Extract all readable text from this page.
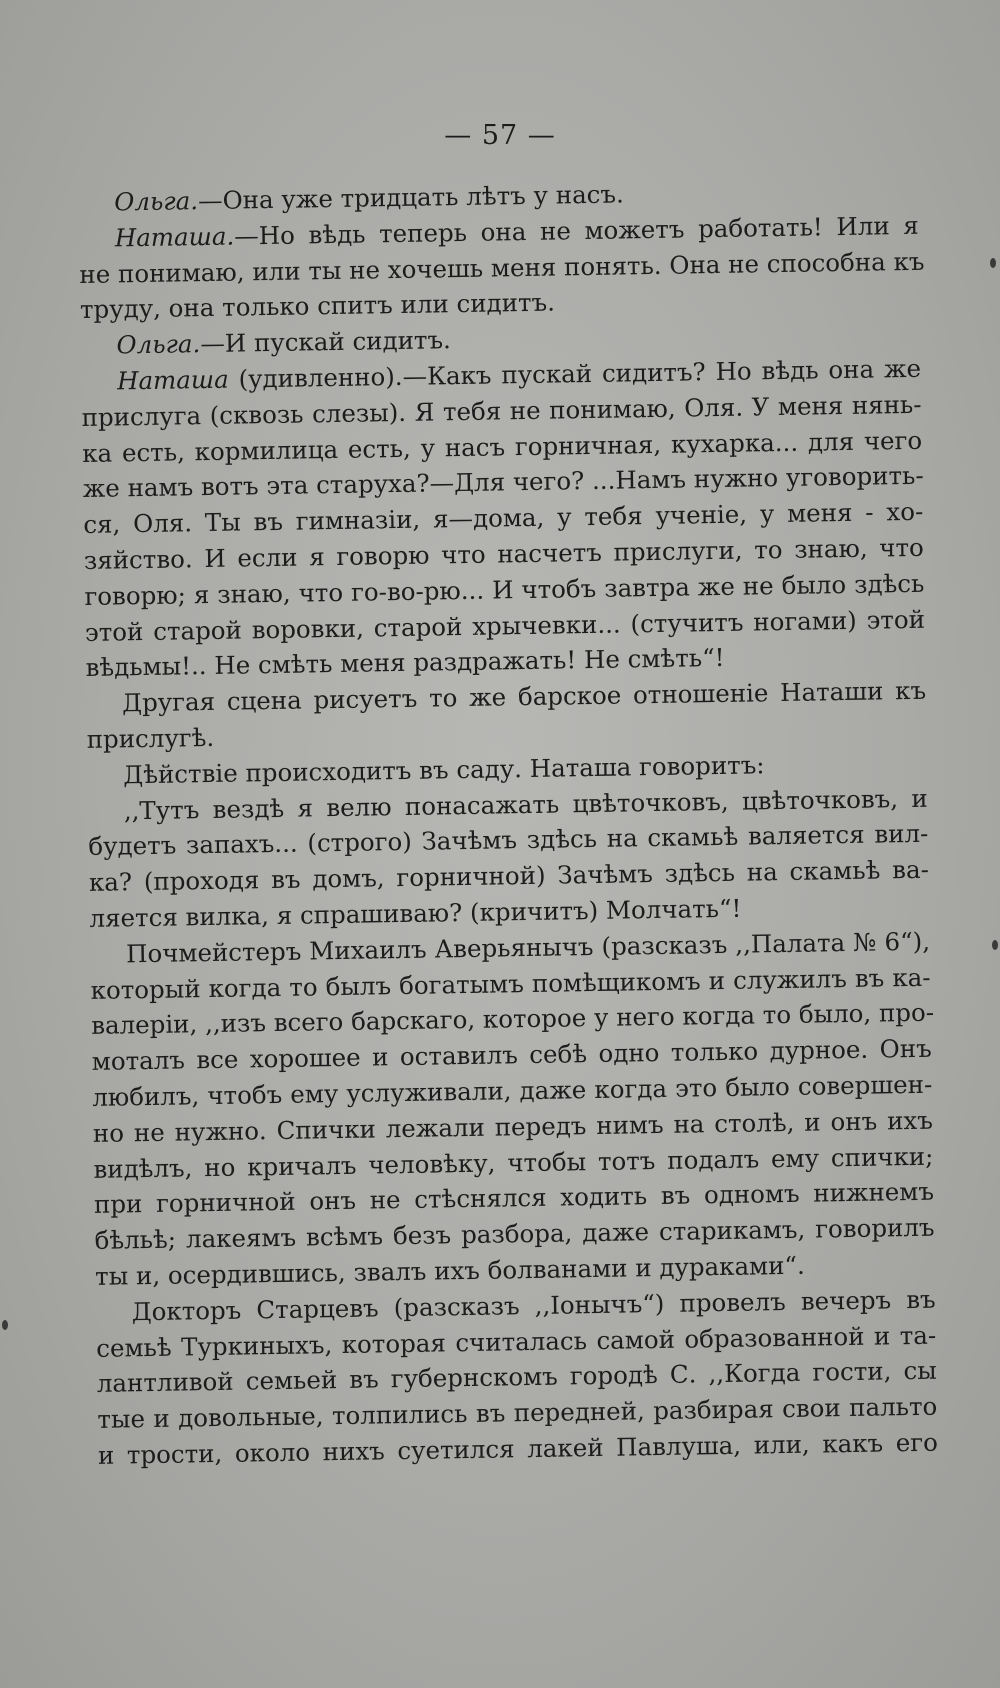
— 57 —
Ольга.—Она уже тридцать лѣтъ у насъ.
Наташа.—Но вѣдь теперь она не можетъ работать! Или я
не понимаю, или ты не хочешь меня понять. Она не способна къ
труду, она только спитъ или сидитъ.
Ольга.—И пускай сидитъ.
Наташа (удивленно).—Какъ пускай сидитъ? Но вѣдь она же
прислуга (сквозь слезы). Я тебя не понимаю, Оля. У меня нянь-
ка есть, кормилица есть, у насъ горничная, кухарка... для чего
же намъ вотъ эта старуха?—Для чего? ...Намъ нужно уговорить-
ся, Оля. Ты въ гимназіи, я—дома, у тебя ученіе, у меня - хо-
зяйство. И если я говорю что насчетъ прислуги, то знаю, что
говорю; я знаю, что го-во-рю... И чтобъ завтра же не было здѣсь
этой старой воровки, старой хрычевки... (стучитъ ногами) этой
вѣдьмы!.. Не смѣть меня раздражать! Не смѣть“!
Другая сцена рисуетъ то же барское отношеніе Наташи къ
прислугѣ.
Дѣйствіе происходитъ въ саду. Наташа говоритъ:
,,Тутъ вездѣ я велю понасажать цвѣточковъ, цвѣточковъ, и
будетъ запахъ... (строго) Зачѣмъ здѣсь на скамьѣ валяется вил-
ка? (проходя въ домъ, горничной) Зачѣмъ здѣсь на скамьѣ ва-
ляется вилка, я спрашиваю? (кричитъ) Молчать“!
Почмейстеръ Михаилъ Аверьянычъ (разсказъ ,,Палата № 6“),
который когда то былъ богатымъ помѣщикомъ и служилъ въ ка-
валеріи, ,,изъ всего барскаго, которое у него когда то было, про-
моталъ все хорошее и оставилъ себѣ одно только дурное. Онъ
любилъ, чтобъ ему услуживали, даже когда это было совершен-
но не нужно. Спички лежали передъ нимъ на столѣ, и онъ ихъ
видѣлъ, но кричалъ человѣку, чтобы тотъ подалъ ему спички;
при горничной онъ не стѣснялся ходить въ одномъ нижнемъ
бѣльѣ; лакеямъ всѣмъ безъ разбора, даже старикамъ, говорилъ
ты и, осердившись, звалъ ихъ болванами и дураками“.
Докторъ Старцевъ (разсказъ ,,Іонычъ“) провелъ вечеръ въ
семьѣ Туркиныхъ, которая считалась самой образованной и та-
лантливой семьей въ губернскомъ городѣ С. ,,Когда гости, сы
тые и довольные, толпились въ передней, разбирая свои пальто
и трости, около нихъ суетился лакей Павлуша, или, какъ его
